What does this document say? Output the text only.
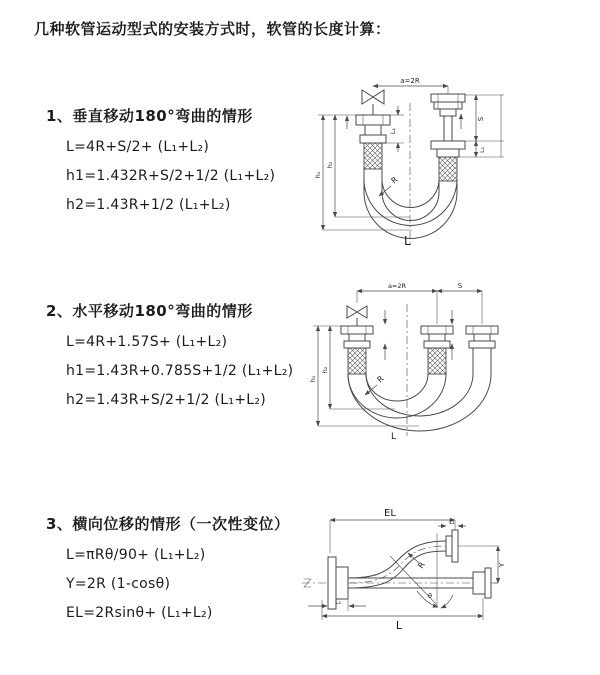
几种软管运动型式的安装方式时，软管的长度计算：
1、垂直移动180°弯曲的情形
L=4R+S/2+ (L₁+L₂)
h1=1.432R+S/2+1/2 (L₁+L₂)
h2=1.43R+1/2 (L₁+L₂)
2、水平移动180°弯曲的情形
L=4R+1.57S+ (L₁+L₂)
h1=1.43R+0.785S+1/2 (L₁+L₂)
h2=1.43R+S/2+1/2 (L₁+L₂)
3、横向位移的情形（一次性变位）
L=πRθ/90+ (L₁+L₂)
Y=2R (1-cosθ)
EL=2Rsinθ+ (L₁+L₂)
a=2R
L₁
h₂
h₁
S
L₂
R
L
a=2R	S
h₂
h₁	R
L
EL
L₁
Y
θ
R
L₂
L
